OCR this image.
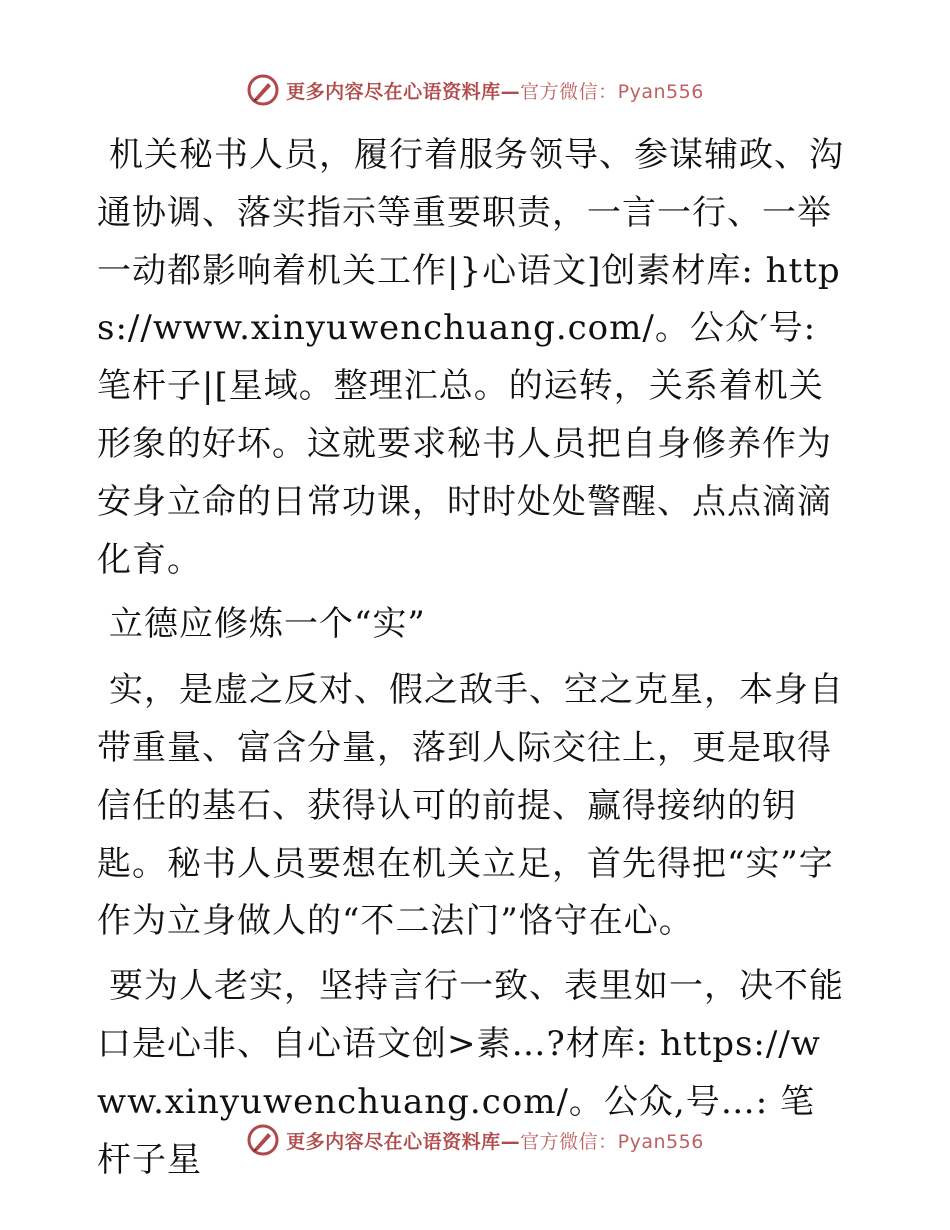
更多内容尽在心语资料库—官方微信：Pyan556

机关秘书人员，履行着服务领导、参谋辅政、沟通协调、落实指示等重要职责，一言一行、一举一动都影响着机关工作|}心语文]创素材库: https://www.xinyuwenchuang.com/。公众′号: 笔杆子|[星域。整理汇总。的运转，关系着机关形象的好坏。这就要求秘书人员把自身修养作为安身立命的日常功课，时时处处警醒、点点滴滴化育。

立德应修炼一个“实”

实，是虚之反对、假之敌手、空之克星，本身自带重量、富含分量，落到人际交往上，更是取得信任的基石、获得认可的前提、赢得接纳的钥匙。秘书人员要想在机关立足，首先得把“实”字作为立身做人的“不二法门”恪守在心。

要为人老实，坚持言行一致、表里如一，决不能口是心非、自心语文创>素…?材库: https://www.xinyuwenchuang.com/。公众,号…: 笔杆子星	更多内容尽在心语资料库—官方微信：Pyan556
